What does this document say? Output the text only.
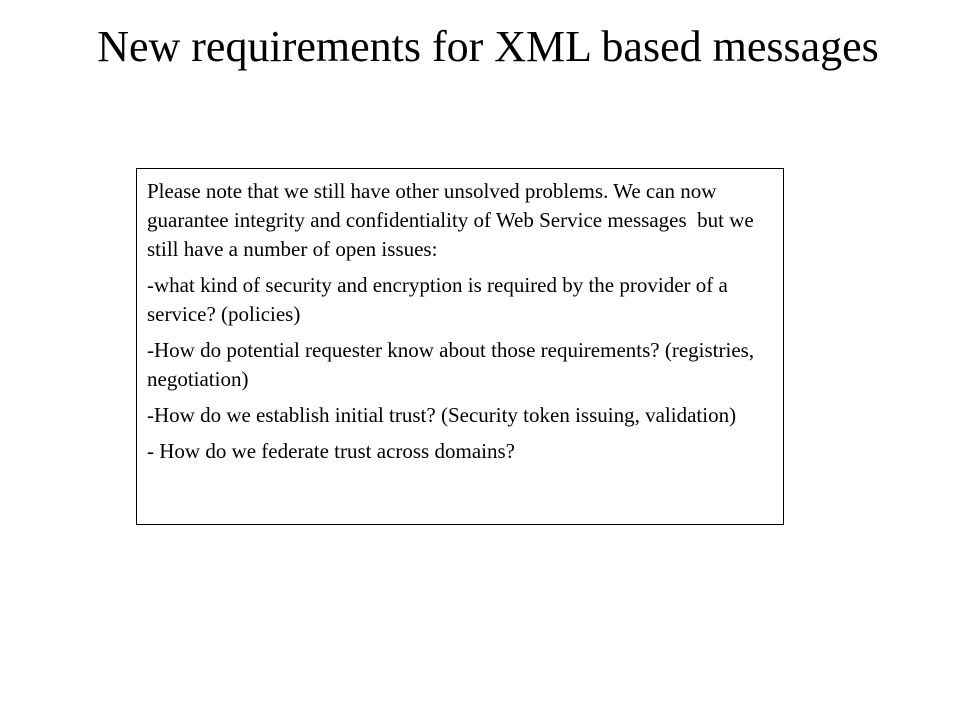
New requirements for XML based messages

Please note that we still have other unsolved problems. We can now guarantee integrity and confidentiality of Web Service messages  but we still have a number of open issues:

-what kind of security and encryption is required by the provider of a service? (policies)

-How do potential requester know about those requirements? (registries, negotiation)

-How do we establish initial trust? (Security token issuing, validation)

- How do we federate trust across domains?
